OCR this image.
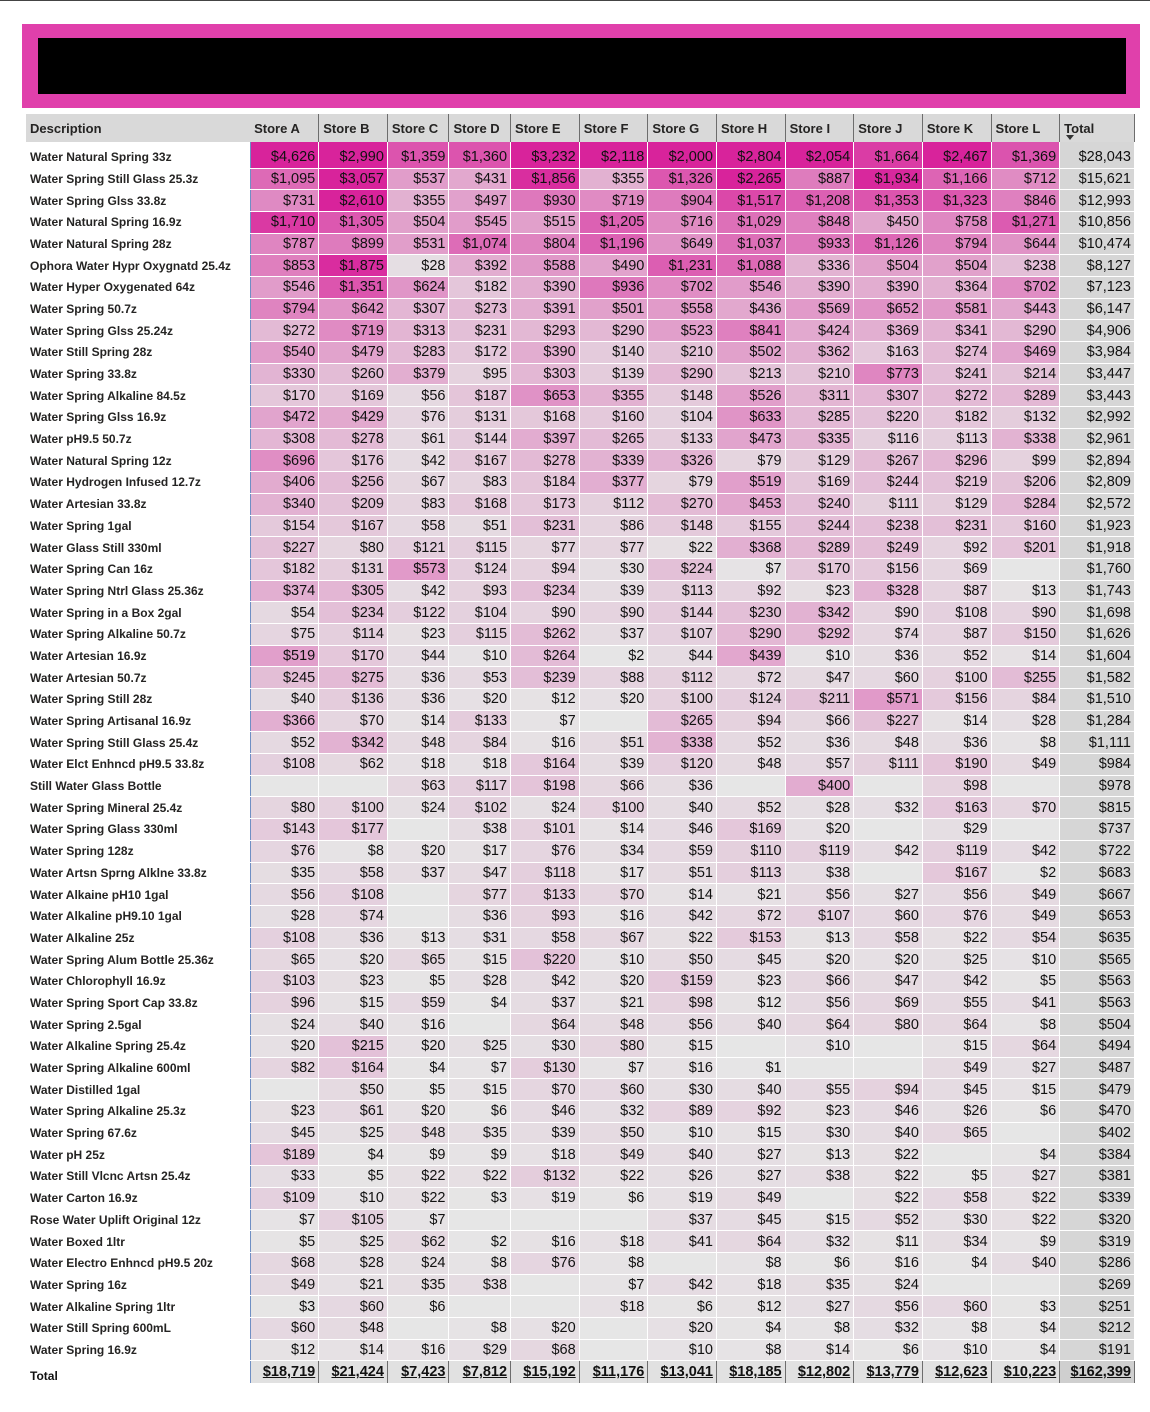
Description	Store A	Store B	Store C	Store D	Store E	Store F	Store G	Store H	Store I	Store J	Store K	Store L	Total
Water Natural Spring 33z	$4,626	$2,990	$1,359	$1,360	$3,232	$2,118	$2,000	$2,804	$2,054	$1,664	$2,467	$1,369	$28,043
Water Spring Still Glass 25.3z	$1,095	$3,057	$537	$431	$1,856	$355	$1,326	$2,265	$887	$1,934	$1,166	$712	$15,621
Water Spring Glss 33.8z	$731	$2,610	$355	$497	$930	$719	$904	$1,517	$1,208	$1,353	$1,323	$846	$12,993
Water Natural Spring 16.9z	$1,710	$1,305	$504	$545	$515	$1,205	$716	$1,029	$848	$450	$758	$1,271	$10,856
Water Natural Spring 28z	$787	$899	$531	$1,074	$804	$1,196	$649	$1,037	$933	$1,126	$794	$644	$10,474
Ophora Water Hypr Oxygnatd 25.4z	$853	$1,875	$28	$392	$588	$490	$1,231	$1,088	$336	$504	$504	$238	$8,127
Water Hyper Oxygenated 64z	$546	$1,351	$624	$182	$390	$936	$702	$546	$390	$390	$364	$702	$7,123
Water Spring 50.7z	$794	$642	$307	$273	$391	$501	$558	$436	$569	$652	$581	$443	$6,147
Water Spring Glss 25.24z	$272	$719	$313	$231	$293	$290	$523	$841	$424	$369	$341	$290	$4,906
Water Still Spring 28z	$540	$479	$283	$172	$390	$140	$210	$502	$362	$163	$274	$469	$3,984
Water Spring 33.8z	$330	$260	$379	$95	$303	$139	$290	$213	$210	$773	$241	$214	$3,447
Water Spring Alkaline 84.5z	$170	$169	$56	$187	$653	$355	$148	$526	$311	$307	$272	$289	$3,443
Water Spring Glss 16.9z	$472	$429	$76	$131	$168	$160	$104	$633	$285	$220	$182	$132	$2,992
Water pH9.5 50.7z	$308	$278	$61	$144	$397	$265	$133	$473	$335	$116	$113	$338	$2,961
Water Natural Spring 12z	$696	$176	$42	$167	$278	$339	$326	$79	$129	$267	$296	$99	$2,894
Water Hydrogen Infused 12.7z	$406	$256	$67	$83	$184	$377	$79	$519	$169	$244	$219	$206	$2,809
Water Artesian 33.8z	$340	$209	$83	$168	$173	$112	$270	$453	$240	$111	$129	$284	$2,572
Water Spring 1gal	$154	$167	$58	$51	$231	$86	$148	$155	$244	$238	$231	$160	$1,923
Water Glass Still 330ml	$227	$80	$121	$115	$77	$77	$22	$368	$289	$249	$92	$201	$1,918
Water Spring Can 16z	$182	$131	$573	$124	$94	$30	$224	$7	$170	$156	$69		$1,760
Water Spring Ntrl Glass 25.36z	$374	$305	$42	$93	$234	$39	$113	$92	$23	$328	$87	$13	$1,743
Water Spring in a Box 2gal	$54	$234	$122	$104	$90	$90	$144	$230	$342	$90	$108	$90	$1,698
Water Spring Alkaline 50.7z	$75	$114	$23	$115	$262	$37	$107	$290	$292	$74	$87	$150	$1,626
Water Artesian 16.9z	$519	$170	$44	$10	$264	$2	$44	$439	$10	$36	$52	$14	$1,604
Water Artesian 50.7z	$245	$275	$36	$53	$239	$88	$112	$72	$47	$60	$100	$255	$1,582
Water Spring Still 28z	$40	$136	$36	$20	$12	$20	$100	$124	$211	$571	$156	$84	$1,510
Water Spring Artisanal 16.9z	$366	$70	$14	$133	$7		$265	$94	$66	$227	$14	$28	$1,284
Water Spring Still Glass 25.4z	$52	$342	$48	$84	$16	$51	$338	$52	$36	$48	$36	$8	$1,111
Water Elct Enhncd pH9.5 33.8z	$108	$62	$18	$18	$164	$39	$120	$48	$57	$111	$190	$49	$984
Still Water Glass Bottle			$63	$117	$198	$66	$36		$400		$98		$978
Water Spring Mineral 25.4z	$80	$100	$24	$102	$24	$100	$40	$52	$28	$32	$163	$70	$815
Water Spring Glass 330ml	$143	$177		$38	$101	$14	$46	$169	$20		$29		$737
Water Spring 128z	$76	$8	$20	$17	$76	$34	$59	$110	$119	$42	$119	$42	$722
Water Artsn Sprng Alklne 33.8z	$35	$58	$37	$47	$118	$17	$51	$113	$38		$167	$2	$683
Water Alkaine pH10 1gal	$56	$108		$77	$133	$70	$14	$21	$56	$27	$56	$49	$667
Water Alkaline pH9.10 1gal	$28	$74		$36	$93	$16	$42	$72	$107	$60	$76	$49	$653
Water Alkaline 25z	$108	$36	$13	$31	$58	$67	$22	$153	$13	$58	$22	$54	$635
Water Spring Alum Bottle 25.36z	$65	$20	$65	$15	$220	$10	$50	$45	$20	$20	$25	$10	$565
Water Chlorophyll 16.9z	$103	$23	$5	$28	$42	$20	$159	$23	$66	$47	$42	$5	$563
Water Spring Sport Cap 33.8z	$96	$15	$59	$4	$37	$21	$98	$12	$56	$69	$55	$41	$563
Water Spring 2.5gal	$24	$40	$16		$64	$48	$56	$40	$64	$80	$64	$8	$504
Water Alkaline Spring 25.4z	$20	$215	$20	$25	$30	$80	$15		$10		$15	$64	$494
Water Spring Alkaline 600ml	$82	$164	$4	$7	$130	$7	$16	$1			$49	$27	$487
Water Distilled 1gal		$50	$5	$15	$70	$60	$30	$40	$55	$94	$45	$15	$479
Water Spring Alkaline 25.3z	$23	$61	$20	$6	$46	$32	$89	$92	$23	$46	$26	$6	$470
Water Spring 67.6z	$45	$25	$48	$35	$39	$50	$10	$15	$30	$40	$65		$402
Water pH 25z	$189	$4	$9	$9	$18	$49	$40	$27	$13	$22		$4	$384
Water Still Vlcnc Artsn 25.4z	$33	$5	$22	$22	$132	$22	$26	$27	$38	$22	$5	$27	$381
Water Carton 16.9z	$109	$10	$22	$3	$19	$6	$19	$49		$22	$58	$22	$339
Rose Water Uplift Original 12z	$7	$105	$7				$37	$45	$15	$52	$30	$22	$320
Water Boxed 1ltr	$5	$25	$62	$2	$16	$18	$41	$64	$32	$11	$34	$9	$319
Water Electro Enhncd pH9.5 20z	$68	$28	$24	$8	$76	$8		$8	$6	$16	$4	$40	$286
Water Spring 16z	$49	$21	$35	$38		$7	$42	$18	$35	$24			$269
Water Alkaline Spring 1ltr	$3	$60	$6			$18	$6	$12	$27	$56	$60	$3	$251
Water Still Spring 600mL	$60	$48		$8	$20		$20	$4	$8	$32	$8	$4	$212
Water Spring 16.9z	$12	$14	$16	$29	$68		$10	$8	$14	$6	$10	$4	$191
Total	$18,719	$21,424	$7,423	$7,812	$15,192	$11,176	$13,041	$18,185	$12,802	$13,779	$12,623	$10,223	$162,399
